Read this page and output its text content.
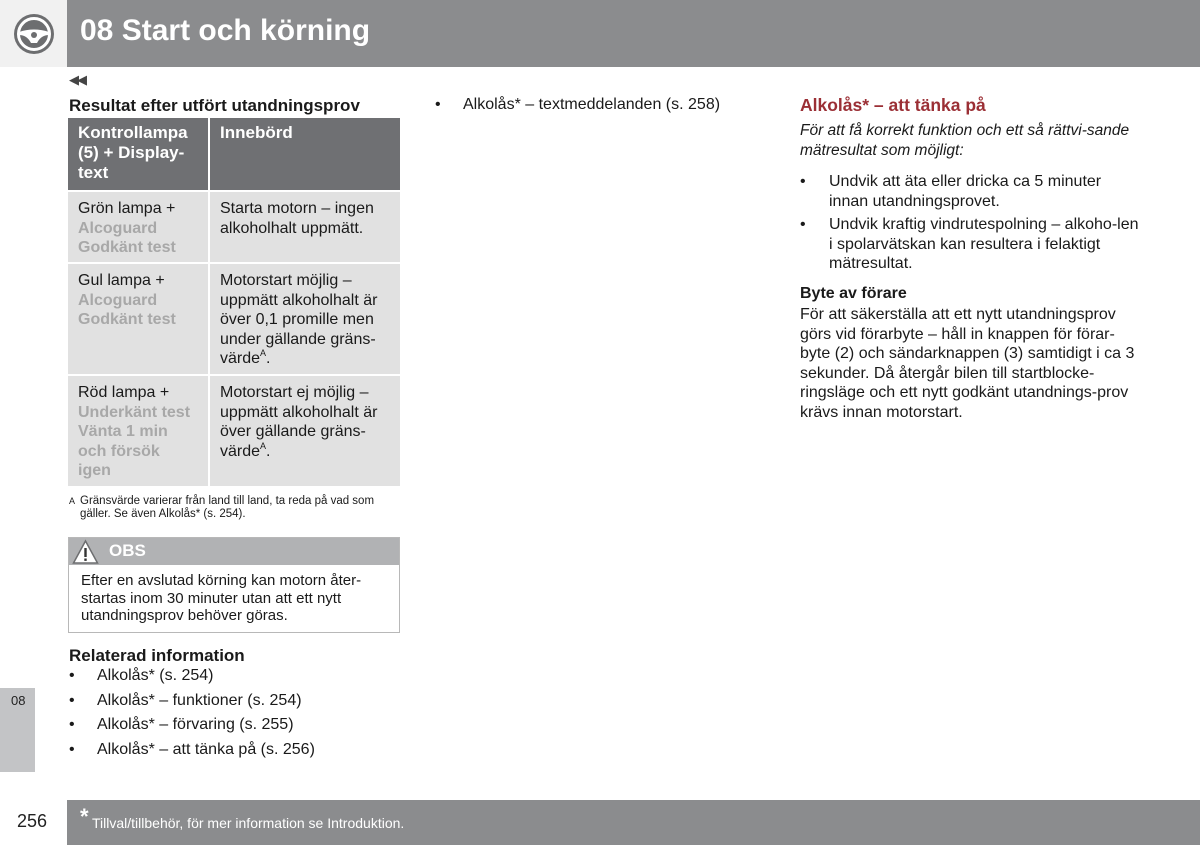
08 Start och körning
◀◀
Resultat efter utfört utandningsprov
Kontrollampa (5) + Display-text
Innebörd
Grön lampa +
Alcoguard
Godkänt test
Starta motorn – ingen alkoholhalt uppmätt.
Gul lampa +
Alcoguard
Godkänt test
Motorstart möjlig – uppmätt alkoholhalt är över 0,1 promille men under gällande gräns-värde$^A$.
Röd lampa +
Underkänt test
Vänta 1 min
och försök
igen
Motorstart ej möjlig – uppmätt alkoholhalt är över gällande gräns-värde$^A$.
A Gränsvärde varierar från land till land, ta reda på vad som gäller. Se även Alkolås* (s. 254).
OBS
Efter en avslutad körning kan motorn åter-startas inom 30 minuter utan att ett nytt utandningsprov behöver göras.
Relaterad information
• Alkolås* (s. 254)
• Alkolås* – funktioner (s. 254)
• Alkolås* – förvaring (s. 255)
• Alkolås* – att tänka på (s. 256)
08
• Alkolås* – textmeddelanden (s. 258)	Alkolås* – att tänka på
För att få korrekt funktion och ett så rättvi-sande mätresultat som möjligt:
• Undvik att äta eller dricka ca 5 minuter innan utandningsprovet.
• Undvik kraftig vindrutespolning – alkoho-len i spolarvätskan kan resultera i felaktigt mätresultat.
Byte av förare
För att säkerställa att ett nytt utandningsprov görs vid förarbyte – håll in knappen för förar-byte (2) och sändarknappen (3) samtidigt i ca 3 sekunder. Då återgår bilen till startblocke-ringsläge och ett nytt godkänt utandnings-prov krävs innan motorstart.
256 * Tillval/tillbehör, för mer information se Introduktion.
